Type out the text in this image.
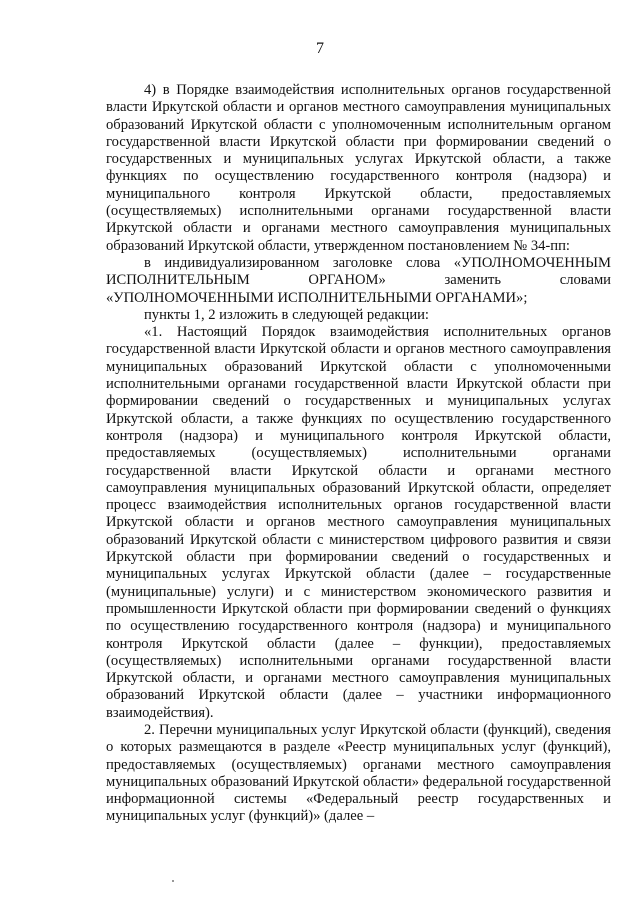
7

4) в Порядке взаимодействия исполнительных органов государственной власти Иркутской области и органов местного самоуправления муниципальных образований Иркутской области с уполномоченным исполнительным органом государственной власти Иркутской области при формировании сведений о государственных и муниципальных услугах Иркутской области, а также функциях по осуществлению государственного контроля (надзора) и муниципального контроля Иркутской области, предоставляемых (осуществляемых) исполнительными органами государственной власти Иркутской области и органами местного самоуправления муниципальных образований Иркутской области, утвержденном постановлением № 34-пп:

в индивидуализированном заголовке слова «УПОЛНОМОЧЕННЫМ ИСПОЛНИТЕЛЬНЫМ ОРГАНОМ» заменить словами «УПОЛНОМОЧЕННЫМИ ИСПОЛНИТЕЛЬНЫМИ ОРГАНАМИ»;

пункты 1, 2 изложить в следующей редакции:

«1. Настоящий Порядок взаимодействия исполнительных органов государственной власти Иркутской области и органов местного самоуправления муниципальных образований Иркутской области с уполномоченными исполнительными органами государственной власти Иркутской области при формировании сведений о государственных и муниципальных услугах Иркутской области, а также функциях по осуществлению государственного контроля (надзора) и муниципального контроля Иркутской области, предоставляемых (осуществляемых) исполнительными органами государственной власти Иркутской области и органами местного самоуправления муниципальных образований Иркутской области, определяет процесс взаимодействия исполнительных органов государственной власти Иркутской области и органов местного самоуправления муниципальных образований Иркутской области с министерством цифрового развития и связи Иркутской области при формировании сведений о государственных и муниципальных услугах Иркутской области (далее – государственные (муниципальные) услуги) и с министерством экономического развития и промышленности Иркутской области при формировании сведений о функциях по осуществлению государственного контроля (надзора) и муниципального контроля Иркутской области (далее – функции), предоставляемых (осуществляемых) исполнительными органами государственной власти Иркутской области, и органами местного самоуправления муниципальных образований Иркутской области (далее – участники информационного взаимодействия).

2. Перечни муниципальных услуг Иркутской области (функций), сведения о которых размещаются в разделе «Реестр муниципальных услуг (функций), предоставляемых (осуществляемых) органами местного самоуправления муниципальных образований Иркутской области» федеральной государственной информационной системы «Федеральный реестр государственных и муниципальных услуг (функций)» (далее –
